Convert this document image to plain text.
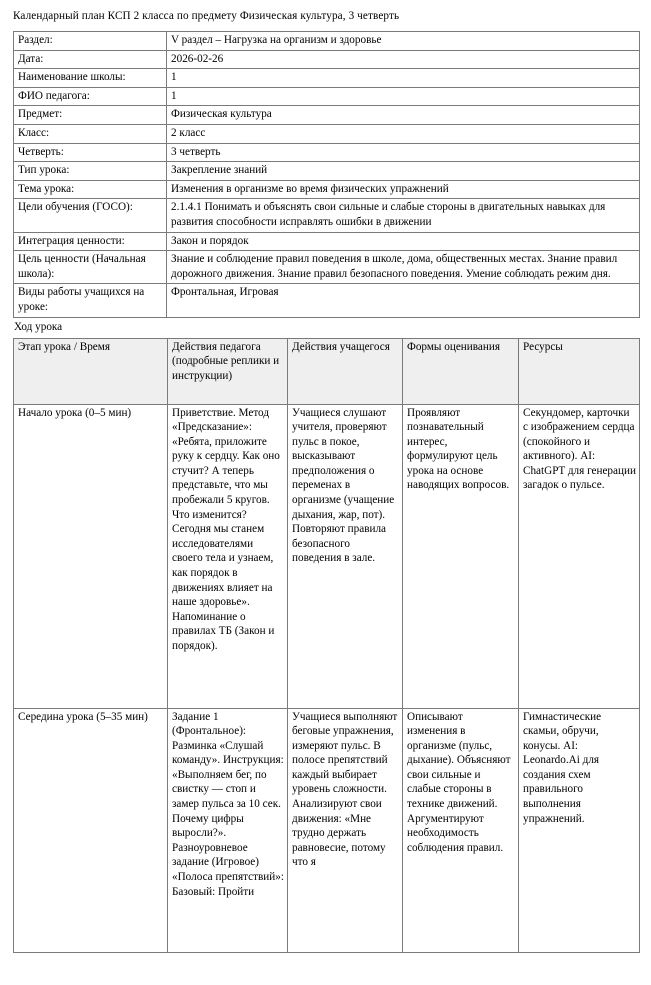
Календарный план КСП 2 класса по предмету Физическая культура, 3 четверть
Раздел:	V раздел – Нагрузка на организм и здоровье
Дата:	2026-02-26
Наименование школы:	1
ФИО педагога:	1
Предмет:	Физическая культура
Класс:	2 класс
Четверть:	3 четверть
Тип урока:	Закрепление знаний
Тема урока:	Изменения в организме во время физических упражнений
Цели обучения (ГОСО):	2.1.4.1 Понимать и объяснять свои сильные и слабые стороны в двигательных навыках для развития способности исправлять ошибки в движении
Интеграция ценности:	Закон и порядок
Цель ценности (Начальная школа):	Знание и соблюдение правил поведения в школе, дома, общественных местах. Знание правил дорожного движения. Знание правил безопасного поведения. Умение соблюдать режим дня.
Виды работы учащихся на уроке:	Фронтальная, Игровая
Ход урока
Этап урока / Время	Действия педагога (подробные реплики и инструкции)	Действия учащегося	Формы оценивания	Ресурсы
Начало урока (0–5 мин)	Приветствие. Метод «Предсказание»: «Ребята, приложите руку к сердцу. Как оно стучит? А теперь представьте, что мы пробежали 5 кругов. Что изменится? Сегодня мы станем исследователями своего тела и узнаем, как порядок в движениях влияет на наше здоровье». Напоминание о правилах ТБ (Закон и порядок).	Учащиеся слушают учителя, проверяют пульс в покое, высказывают предположения о переменах в организме (учащение дыхания, жар, пот). Повторяют правила безопасного поведения в зале.	Проявляют познавательный интерес, формулируют цель урока на основе наводящих вопросов.	Секундомер, карточки с изображением сердца (спокойного и активного). AI: ChatGPT для генерации загадок о пульсе.
Середина урока (5–35 мин)	Задание 1 (Фронтальное): Разминка «Слушай команду». Инструкция: «Выполняем бег, по свистку — стоп и замер пульса за 10 сек. Почему цифры выросли?». Разноуровневое задание (Игровое) «Полоса препятствий»: Базовый: Пройти	Учащиеся выполняют беговые упражнения, измеряют пульс. В полосе препятствий каждый выбирает уровень сложности. Анализируют свои движения: «Мне трудно держать равновесие, потому что я	Описывают изменения в организме (пульс, дыхание). Объясняют свои сильные и слабые стороны в технике движений. Аргументируют необходимость соблюдения правил.	Гимнастические скамьи, обручи, конусы. AI: Leonardo.Ai для создания схем правильного выполнения упражнений.
